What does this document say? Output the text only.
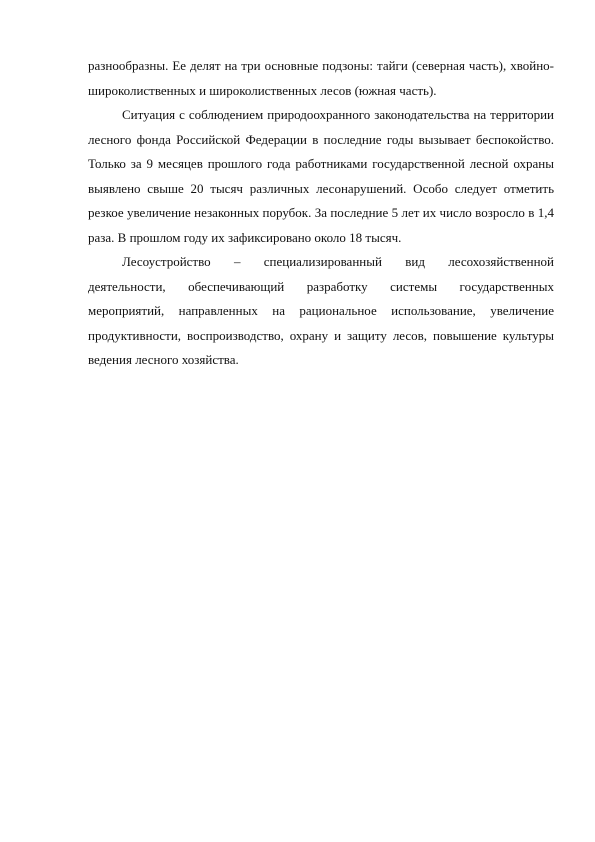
разнообразны. Ее делят на три основные подзоны: тайги (северная часть), хвойно-широколиственных и широколиственных лесов (южная часть).

Ситуация с соблюдением природоохранного законодательства на территории лесного фонда Российской Федерации в последние годы вызывает беспокойство. Только за 9 месяцев прошлого года работниками государственной лесной охраны выявлено свыше 20 тысяч различных лесонарушений. Особо следует отметить резкое увеличение незаконных порубок. За последние 5 лет их число возросло в 1,4 раза. В прошлом году их зафиксировано около 18 тысяч.

Лесоустройство – специализированный вид лесохозяйственной деятельности, обеспечивающий разработку системы государственных мероприятий, направленных на рациональное использование, увеличение продуктивности, воспроизводство, охрану и защиту лесов, повышение культуры ведения лесного хозяйства.
